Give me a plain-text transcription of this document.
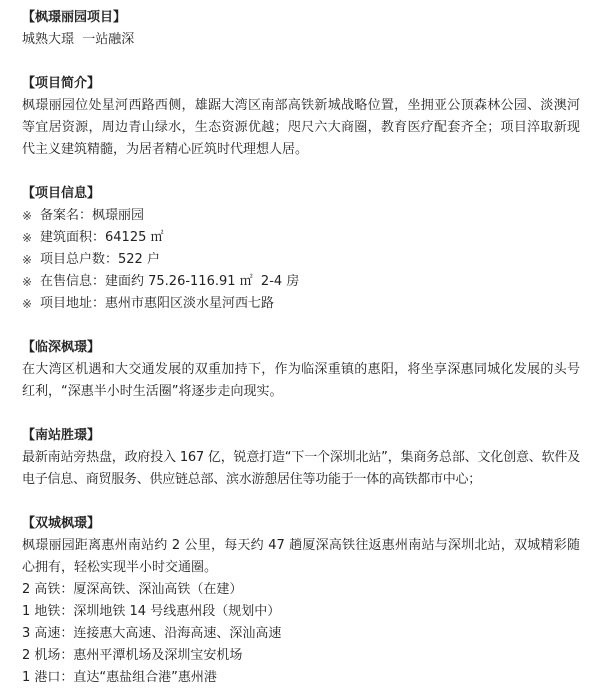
【枫璟丽园项目】
城熟大璟  一站融深
【项目简介】

枫璟丽园位处星河西路西侧，雄踞大湾区南部高铁新城战略位置，坐拥亚公顶森林公园、淡澳河等宜居资源，周边青山绿水，生态资源优越；咫尺六大商圈，教育医疗配套齐全；项目淬取新现代主义建筑精髓，为居者精心匠筑时代理想人居。

【项目信息】
※ 备案名：枫璟丽园
※ 建筑面积：64125 ㎡
※ 项目总户数：522 户
※ 在售信息：建面约 75.26-116.91 ㎡  2-4 房
※ 项目地址：惠州市惠阳区淡水星河西七路
【临深枫璟】

在大湾区机遇和大交通发展的双重加持下，作为临深重镇的惠阳，将坐享深惠同城化发展的头号红利，“深惠半小时生活圈”将逐步走向现实。

【南站胜璟】

最新南站旁热盘，政府投入 167 亿，锐意打造“下一个深圳北站”，集商务总部、文化创意、软件及电子信息、商贸服务、供应链总部、滨水游憩居住等功能于一体的高铁都市中心；

【双城枫璟】

枫璟丽园距离惠州南站约 2 公里，每天约 47 趟厦深高铁往返惠州南站与深圳北站，双城精彩随心拥有，轻松实现半小时交通圈。

2 高铁：厦深高铁、深汕高铁（在建）
1 地铁：深圳地铁 14 号线惠州段（规划中）
3 高速：连接惠大高速、沿海高速、深汕高速
2 机场：惠州平潭机场及深圳宝安机场
1 港口：直达“惠盐组合港”惠州港
